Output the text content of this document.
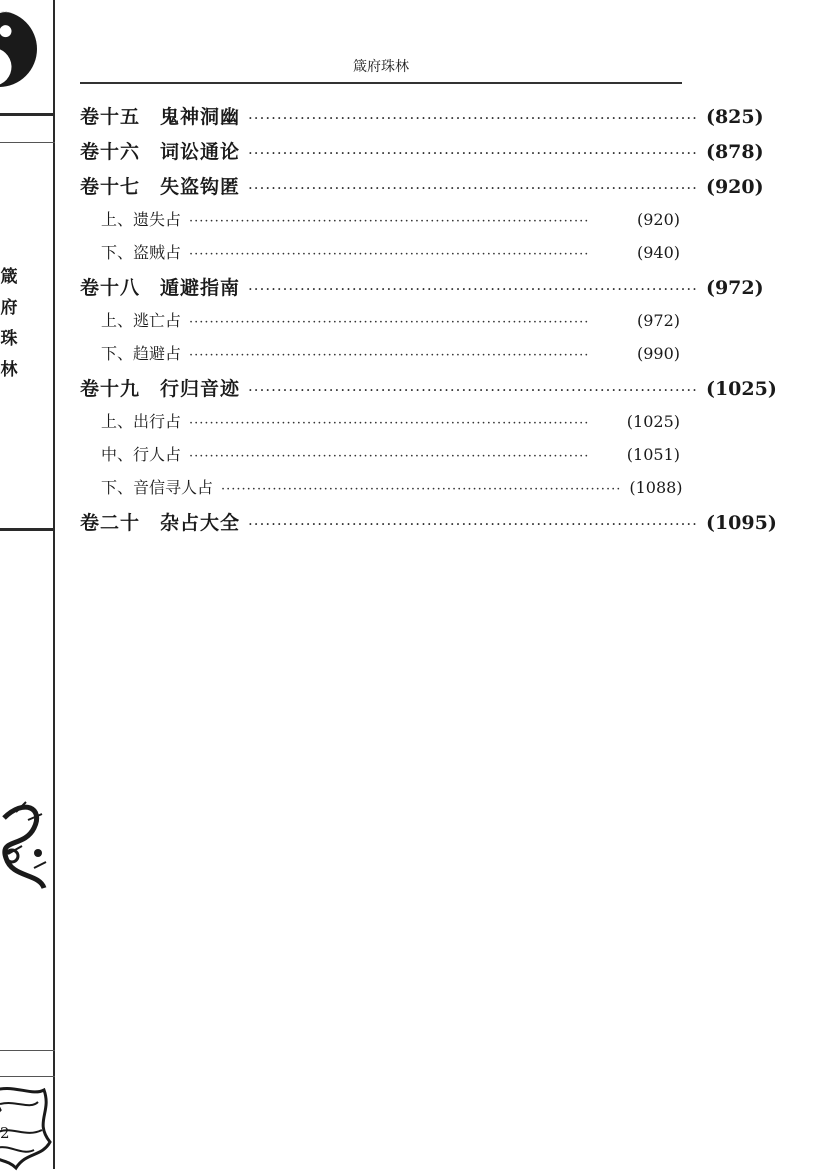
箴府珠林
2
箴府珠林
卷十五 鬼神洞幽 ·············································································· (825)
卷十六 词讼通论 ·············································································· (878)
卷十七 失盗钩匿 ·············································································· (920)
上、遗失占 ··············································································	(920)
下、盗贼占 ··············································································	(940)
卷十八 遁避指南 ·············································································· (972)
上、逃亡占 ··············································································	(972)
下、趋避占 ··············································································	(990)
卷十九 行归音迹 ·············································································· (1025)
上、出行占 ··············································································	(1025)
中、行人占 ··············································································	(1051)
下、音信寻人占 ·············································································· (1088)
卷二十 杂占大全 ·············································································· (1095)
